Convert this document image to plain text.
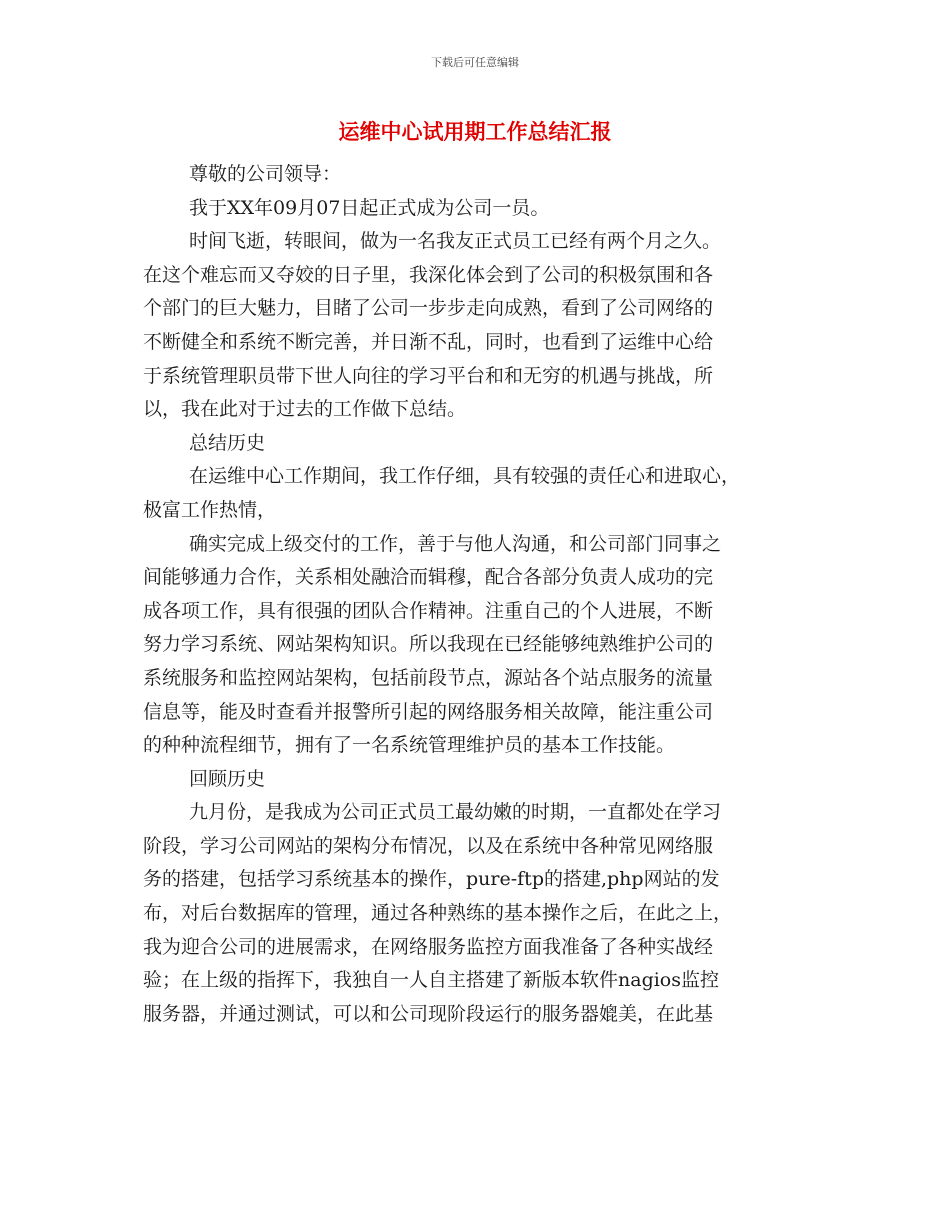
下载后可任意编辑
运维中心试用期工作总结汇报
尊敬的公司领导：
我于XX年09月07日起正式成为公司一员。
时间飞逝，转眼间，做为一名我友正式员工已经有两个月之久。
在这个难忘而又夺姣的日子里，我深化体会到了公司的积极氛围和各
个部门的巨大魅力，目睹了公司一步步走向成熟，看到了公司网络的
不断健全和系统不断完善，并日渐不乱，同时，也看到了运维中心给
于系统管理职员带下世人向往的学习平台和和无穷的机遇与挑战，所
以，我在此对于过去的工作做下总结。
总结历史
在运维中心工作期间，我工作仔细，具有较强的责任心和进取心，
极富工作热情，
确实完成上级交付的工作，善于与他人沟通，和公司部门同事之
间能够通力合作，关系相处融洽而辑穆，配合各部分负责人成功的完
成各项工作，具有很强的团队合作精神。注重自己的个人进展，不断
努力学习系统、网站架构知识。所以我现在已经能够纯熟维护公司的
系统服务和监控网站架构，包括前段节点，源站各个站点服务的流量
信息等，能及时查看并报警所引起的网络服务相关故障，能注重公司
的种种流程细节，拥有了一名系统管理维护员的基本工作技能。
回顾历史
九月份，是我成为公司正式员工最幼嫩的时期，一直都处在学习
阶段，学习公司网站的架构分布情况，以及在系统中各种常见网络服
务的搭建，包括学习系统基本的操作，pure-ftp的搭建,php网站的发
布，对后台数据库的管理，通过各种熟练的基本操作之后，在此之上，
我为迎合公司的进展需求，在网络服务监控方面我准备了各种实战经
验；在上级的指挥下，我独自一人自主搭建了新版本软件nagios监控
服务器，并通过测试，可以和公司现阶段运行的服务器媲美，在此基
